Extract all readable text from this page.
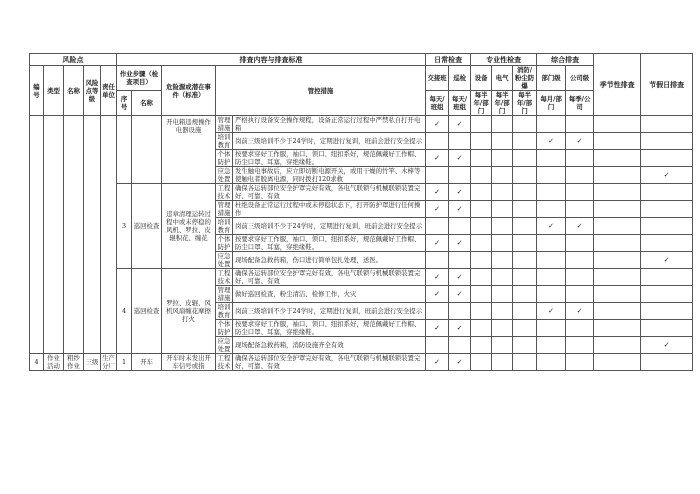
风险点					排查内容与排查标准					日常检查		专业性检查			综合排查		季节性排查	节假日排查
编号	类型	名称	风险点等级	责任单位	作业步骤（检查项目）		危险源或潜在事件（标准）	管控措施		交接班	巡检	设备	电气	消防/粉尘防爆	部门级	公司级		
					序号	名称				每天/班组	每天/班组	每半年/部门	每半年/部门	每半年/部门	每月/部门	每季/公司		
							开电箱违规操作电器设施	管理措施	严格执行设备安全操作规程，设备正常运行过程中严禁私自打开电箱	✓	✓							
								培训教育	岗前三级培训不少于24学时，定期进行复训，班前会进行安全提示						✓	✓		
								个体防护	按要求穿好工作服，袖口、领口、纽扣系好，规范佩戴好工作帽、防尘口罩、耳塞，穿绝缘鞋。	✓	✓							
								应急处置	发生触电事故后，应立即切断电源开关，或用干燥的竹竿、木棒等使触电者脱离电源，同时拨打120求救									✓
					3	巡回检查	违章清理运转过程中或未停稳的风机、罗拉、皮辊积花、缠花	工程技术	确保各运转部位安全护罩完好有效，各电气联锁与机械联锁装置完好、可靠、有效	✓	✓							
								管理措施	杜绝设备正常运行过程中或未停稳状态下，打开防护罩进行任何操作	✓	✓							
								培训教育	岗前三级培训不少于24学时，定期进行复训，班前会进行安全提示						✓	✓		
								个体防护	按要求穿好工作服，袖口、领口、纽扣系好，规范佩戴好工作帽、防尘口罩、耳塞，穿绝缘鞋。	✓	✓							
								应急处置	现场配备急救药箱，伤口进行简单包扎处理，送医。									✓
					4	巡回检查	罗拉、皮辊、风机风扇缠花摩擦打火	工程技术	确保各运转部位安全护罩完好有效，各电气联锁与机械联锁装置完好、可靠、有效	✓	✓							
								管理措施	做好巡回检查，粉尘清洁、检修工作，火灾	✓	✓							
								培训教育	岗前三级培训不少于24学时，定期进行复训，班前会进行安全提示						✓	✓		
								个体防护	按要求穿好工作服，袖口、领口、纽扣系好，规范佩戴好工作帽、防尘口罩、耳塞，穿绝缘鞋。	✓	✓							
								应急处置	现场配备急救药箱，消防设施齐全有效									✓
4	作业活动	粗纱作业	三级	生产分厂	1	开车	开车时未发出开车信号或指	工程技术	确保各运转部位安全护罩完好有效，各电气联锁与机械联锁装置完好、可靠、有效	✓	✓							
